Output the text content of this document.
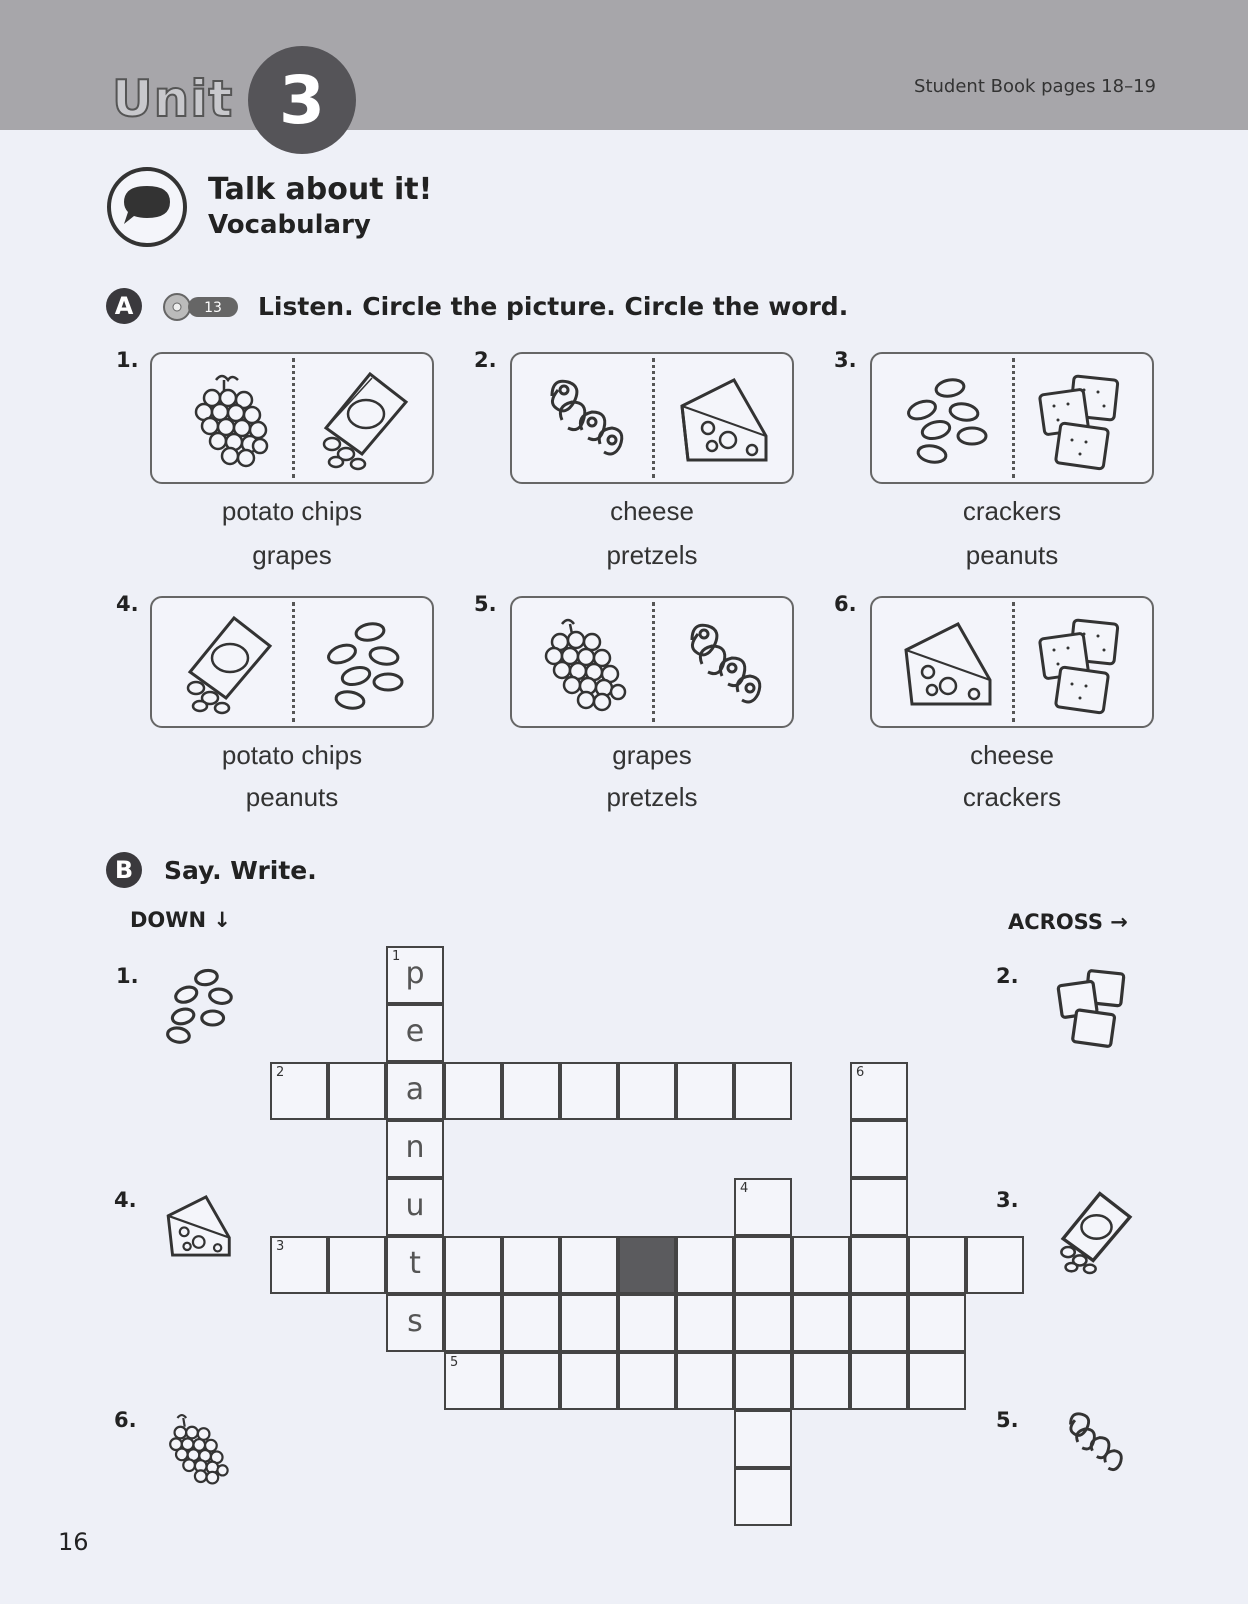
Unit 3	Student Book pages 18–19
Talk about it!
Vocabulary
A	13 Listen. Circle the picture. Circle the word.
1.
potato chips
grapes
2.
cheese
pretzels
3.
crackers
peanuts
4.
potato chips
peanuts
5.
grapes
pretzels
6.
cheese
crackers
B	Say. Write.
DOWN ↓	ACROSS →
1.
4.
6.
2.
3.
5.
1 p
e
a
n
u
t
s
2
3
5
4
6
16
